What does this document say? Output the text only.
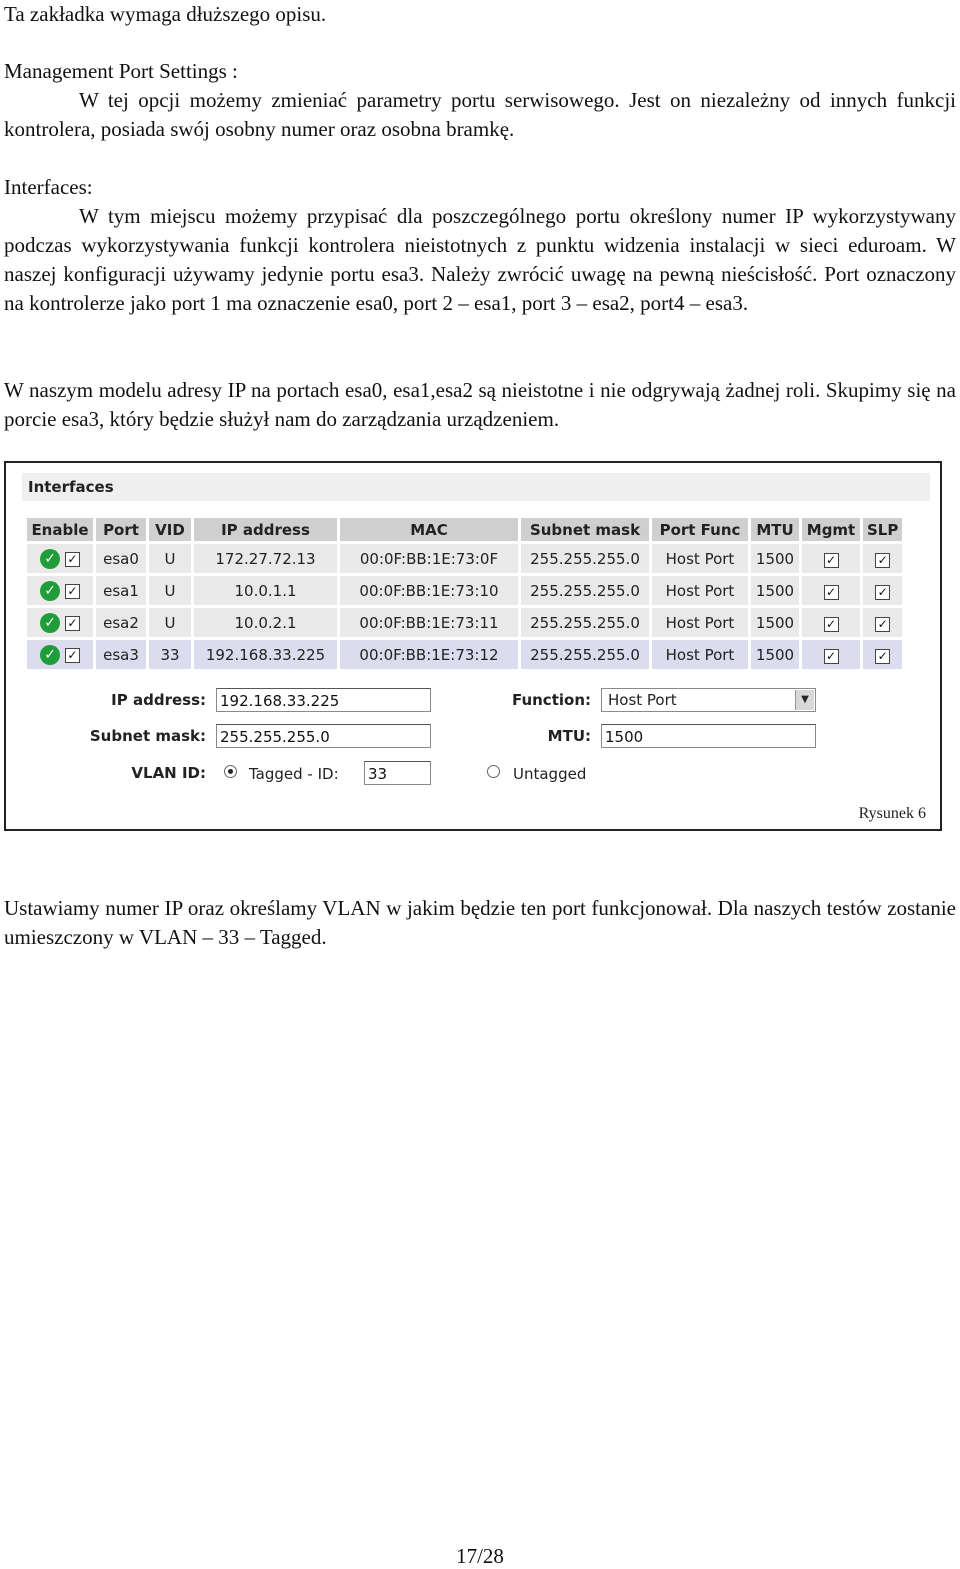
Ta zakładka wymaga dłuższego opisu.

Management Port Settings :

W tej opcji możemy zmieniać parametry portu serwisowego. Jest on niezależny od innych funkcji kontrolera, posiada swój osobny numer oraz osobna bramkę.

Interfaces:

W tym miejscu możemy przypisać dla poszczególnego portu określony numer IP wykorzystywany podczas wykorzystywania funkcji kontrolera nieistotnych z punktu widzenia instalacji w sieci eduroam. W naszej konfiguracji używamy jedynie portu esa3. Należy zwrócić uwagę na pewną nieścisłość. Port oznaczony na kontrolerze jako port 1 ma oznaczenie esa0, port 2 – esa1, port 3 – esa2, port4 – esa3.

W naszym modelu adresy IP na portach esa0, esa1,esa2 są nieistotne i nie odgrywają żadnej roli. Skupimy się na porcie esa3, który będzie służył nam do zarządzania urządzeniem.

Interfaces
Enable	Port	VID	IP address	MAC	Subnet mask	Port Func	MTU	Mgmt	SLP
✓ ✓	esa0	U	172.27.72.13	00:0F:BB:1E:73:0F	255.255.255.0	Host Port	1500	✓	✓
✓ ✓	esa1	U	10.0.1.1	00:0F:BB:1E:73:10	255.255.255.0	Host Port	1500	✓	✓
✓ ✓	esa2	U	10.0.2.1	00:0F:BB:1E:73:11	255.255.255.0	Host Port	1500	✓	✓
✓ ✓	esa3	33	192.168.33.225	00:0F:BB:1E:73:12	255.255.255.0	Host Port	1500	✓	✓
IP address: 192.168.33.225
Subnet mask: 255.255.255.0
VLAN ID:	Tagged - ID: 33	Untagged
Function:	Host Port	▼
MTU: 1500
Rysunek 6

Ustawiamy numer IP oraz określamy VLAN w jakim będzie ten port funkcjonował. Dla naszych testów zostanie umieszczony w VLAN – 33 – Tagged.

17/28
